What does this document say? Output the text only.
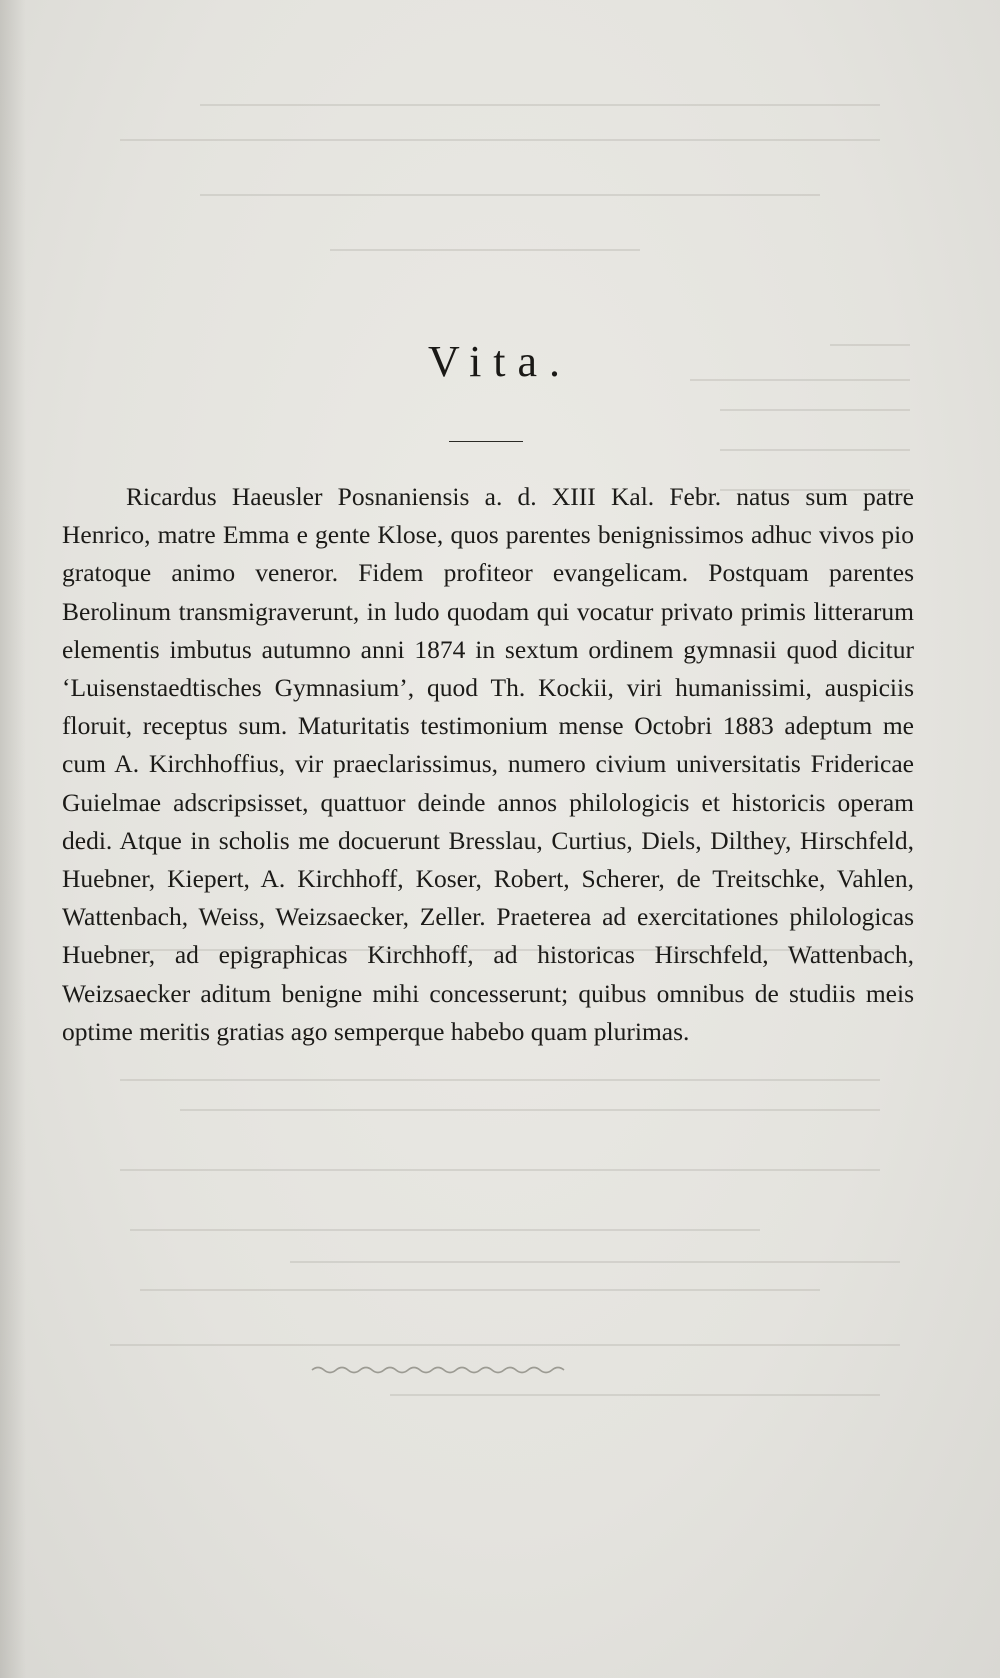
Vita.

Ricardus Haeusler Posnaniensis a. d. XIII Kal. Febr. natus sum patre Henrico, matre Emma e gente Klose, quos parentes benignissimos adhuc vivos pio gratoque animo veneror. Fidem profiteor evangelicam. Postquam parentes Berolinum transmigraverunt, in ludo quodam qui vocatur privato primis litterarum elementis imbutus autumno anni 1874 in sextum ordinem gymnasii quod dicitur ‘Luisenstaedtisches Gymnasium’, quod Th. Kockii, viri humanissimi, auspiciis floruit, receptus sum. Maturitatis testimonium mense Octobri 1883 adeptum me cum A. Kirchhoffius, vir praeclarissimus, numero civium universitatis Fridericae Guielmae adscripsisset, quattuor deinde annos philologicis et historicis operam dedi. Atque in scholis me docuerunt Bresslau, Curtius, Diels, Dilthey, Hirschfeld, Huebner, Kiepert, A. Kirchhoff, Koser, Robert, Scherer, de Treitschke, Vahlen, Wattenbach, Weiss, Weizsaecker, Zeller. Praeterea ad exercitationes philologicas Huebner, ad epigraphicas Kirchhoff, ad historicas Hirschfeld, Wattenbach, Weizsaecker aditum benigne mihi concesserunt; quibus omnibus de studiis meis optime meritis gratias ago semperque habebo quam plurimas.
